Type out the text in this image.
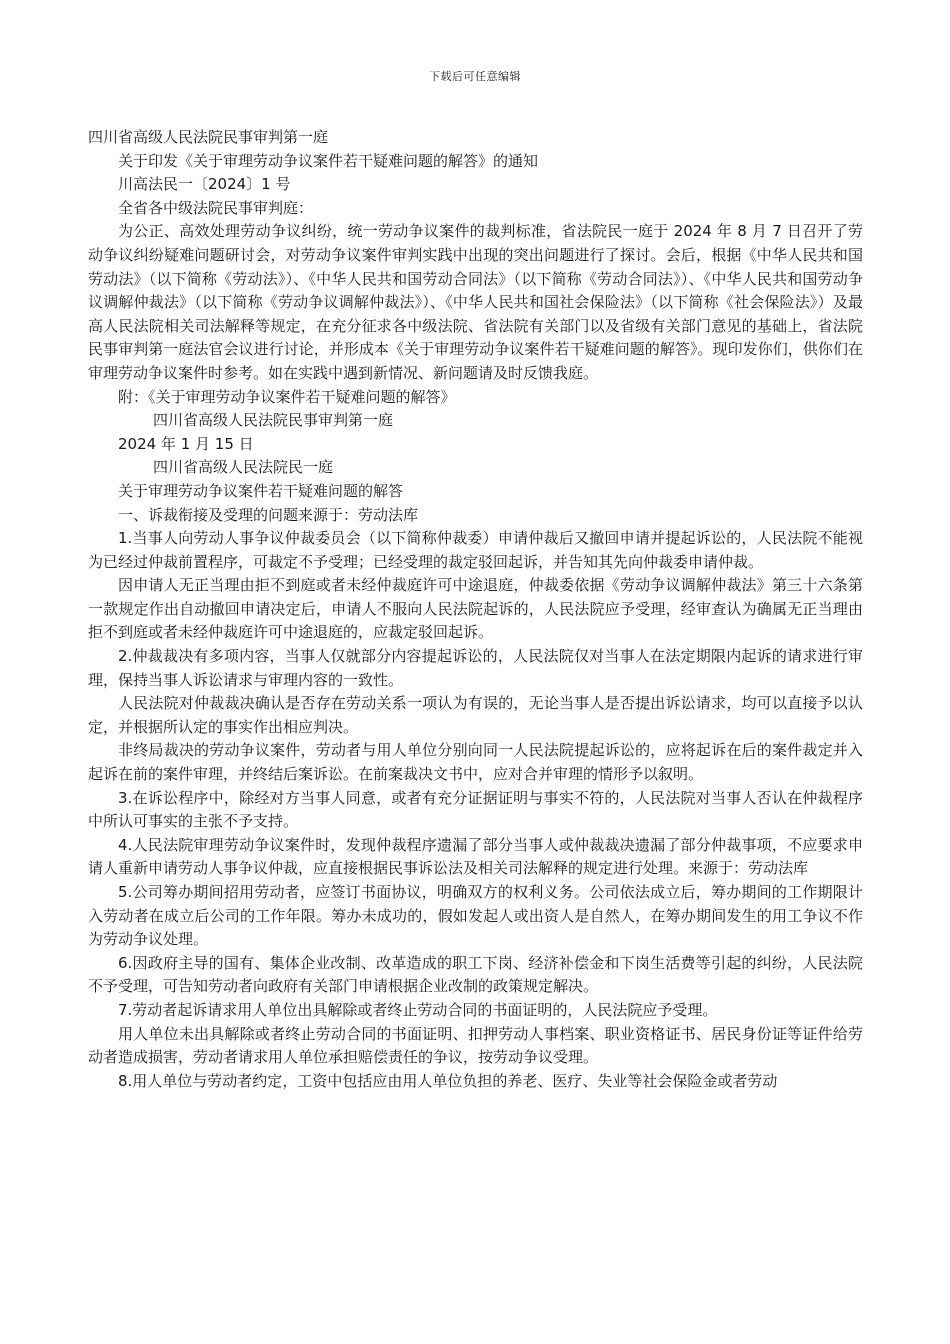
下载后可任意编辑

四川省高级人民法院民事审判第一庭

关于印发《关于审理劳动争议案件若干疑难问题的解答》的通知

川高法民一〔2024〕1 号

全省各中级法院民事审判庭：

为公正、高效处理劳动争议纠纷，统一劳动争议案件的裁判标准，省法院民一庭于 2024 年 8 月 7 日召开了劳动争议纠纷疑难问题研讨会，对劳动争议案件审判实践中出现的突出问题进行了探讨。会后，根据《中华人民共和国劳动法》（以下简称《劳动法》）、《中华人民共和国劳动合同法》（以下简称《劳动合同法》）、《中华人民共和国劳动争议调解仲裁法》（以下简称《劳动争议调解仲裁法》）、《中华人民共和国社会保险法》（以下简称《社会保险法》）及最高人民法院相关司法解释等规定，在充分征求各中级法院、省法院有关部门以及省级有关部门意见的基础上，省法院民事审判第一庭法官会议进行讨论，并形成本《关于审理劳动争议案件若干疑难问题的解答》。现印发你们，供你们在审理劳动争议案件时参考。如在实践中遇到新情况、新问题请及时反馈我庭。

附：《关于审理劳动争议案件若干疑难问题的解答》

四川省高级人民法院民事审判第一庭

2024 年 1 月 15 日

四川省高级人民法院民一庭

关于审理劳动争议案件若干疑难问题的解答

一、诉裁衔接及受理的问题来源于：劳动法库

1.当事人向劳动人事争议仲裁委员会（以下简称仲裁委）申请仲裁后又撤回申请并提起诉讼的，人民法院不能视为已经过仲裁前置程序，可裁定不予受理；已经受理的裁定驳回起诉，并告知其先向仲裁委申请仲裁。

因申请人无正当理由拒不到庭或者未经仲裁庭许可中途退庭，仲裁委依据《劳动争议调解仲裁法》第三十六条第一款规定作出自动撤回申请决定后，申请人不服向人民法院起诉的，人民法院应予受理，经审查认为确属无正当理由拒不到庭或者未经仲裁庭许可中途退庭的，应裁定驳回起诉。

2.仲裁裁决有多项内容，当事人仅就部分内容提起诉讼的，人民法院仅对当事人在法定期限内起诉的请求进行审理，保持当事人诉讼请求与审理内容的一致性。

人民法院对仲裁裁决确认是否存在劳动关系一项认为有误的，无论当事人是否提出诉讼请求，均可以直接予以认定，并根据所认定的事实作出相应判决。

非终局裁决的劳动争议案件，劳动者与用人单位分别向同一人民法院提起诉讼的，应将起诉在后的案件裁定并入起诉在前的案件审理，并终结后案诉讼。在前案裁决文书中，应对合并审理的情形予以叙明。

3.在诉讼程序中，除经对方当事人同意，或者有充分证据证明与事实不符的，人民法院对当事人否认在仲裁程序中所认可事实的主张不予支持。

4.人民法院审理劳动争议案件时，发现仲裁程序遗漏了部分当事人或仲裁裁决遗漏了部分仲裁事项，不应要求申请人重新申请劳动人事争议仲裁，应直接根据民事诉讼法及相关司法解释的规定进行处理。来源于：劳动法库

5.公司筹办期间招用劳动者，应签订书面协议，明确双方的权利义务。公司依法成立后，筹办期间的工作期限计入劳动者在成立后公司的工作年限。筹办未成功的，假如发起人或出资人是自然人，在筹办期间发生的用工争议不作为劳动争议处理。

6.因政府主导的国有、集体企业改制、改革造成的职工下岗、经济补偿金和下岗生活费等引起的纠纷，人民法院不予受理，可告知劳动者向政府有关部门申请根据企业改制的政策规定解决。

7.劳动者起诉请求用人单位出具解除或者终止劳动合同的书面证明的，人民法院应予受理。

用人单位未出具解除或者终止劳动合同的书面证明、扣押劳动人事档案、职业资格证书、居民身份证等证件给劳动者造成损害，劳动者请求用人单位承担赔偿责任的争议，按劳动争议受理。

8.用人单位与劳动者约定，工资中包括应由用人单位负担的养老、医疗、失业等社会保险金或者劳动
